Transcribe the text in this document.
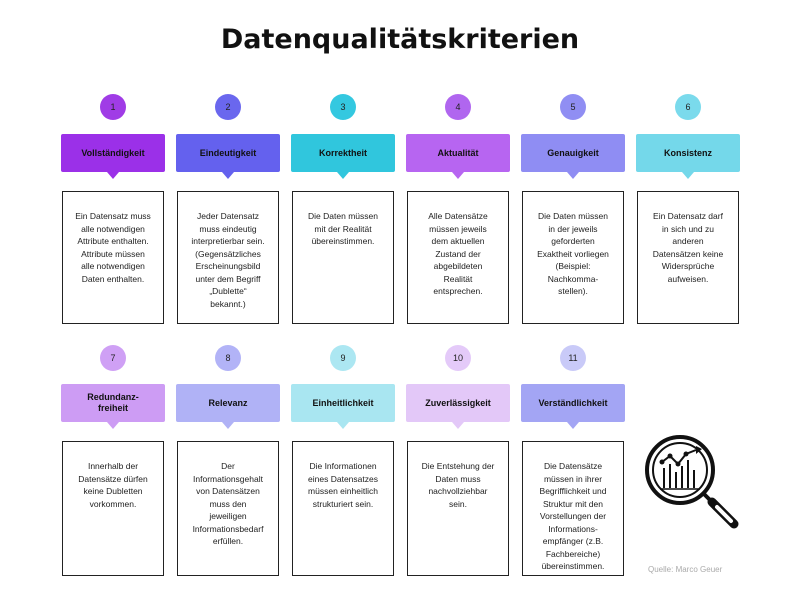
Datenqualitätskriterien
1
Vollständigkeit
Ein Datensatz muss
alle notwendigen
Attribute enthalten.
Attribute müssen
alle notwendigen
Daten enthalten.
2
Eindeutigkeit
Jeder Datensatz
muss eindeutig
interpretierbar sein.
(Gegensätzliches
Erscheinungsbild
unter dem Begriff
„Dublette“
bekannt.)
3
Korrektheit
Die Daten müssen
mit der Realität
übereinstimmen.
4
Aktualität
Alle Datensätze
müssen jeweils
dem aktuellen
Zustand der
abgebildeten
Realität
entsprechen.
5
Genauigkeit
Die Daten müssen
in der jeweils
geforderten
Exaktheit vorliegen
(Beispiel:
Nachkomma-
stellen).
6
Konsistenz
Ein Datensatz darf
in sich und zu
anderen
Datensätzen keine
Widersprüche
aufweisen.
7
Redundanz-
freiheit
Innerhalb der
Datensätze dürfen
keine Dubletten
vorkommen.
8
Relevanz
Der
Informationsgehalt
von Datensätzen
muss den
jeweiligen
Informationsbedarf
erfüllen.
9
Einheitlichkeit
Die Informationen
eines Datensatzes
müssen einheitlich
strukturiert sein.
10
Zuverlässigkeit
Die Entstehung der
Daten muss
nachvollziehbar
sein.
11
Verständlichkeit
Die Datensätze
müssen in ihrer
Begrifflichkeit und
Struktur mit den
Vorstellungen der
Informations-
empfänger (z.B.
Fachbereiche)
übereinstimmen.	Quelle: Marco Geuer
